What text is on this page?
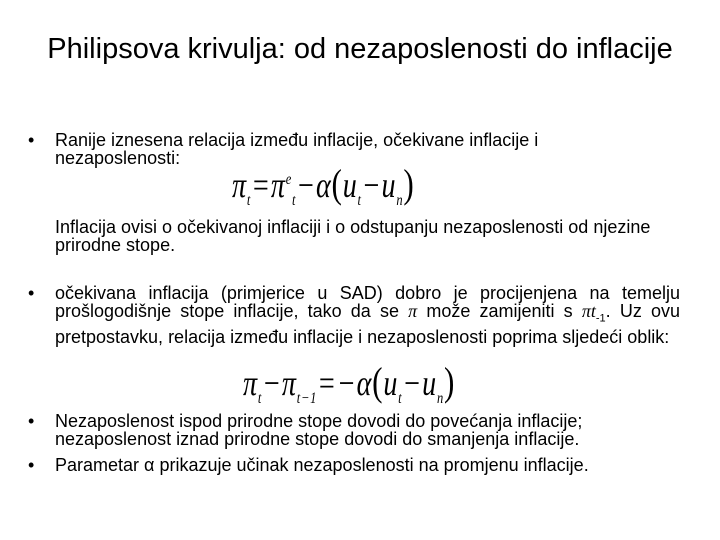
Philipsova krivulja: od nezaposlenosti do inflacije
• Ranije iznesena relacija između inflacije, očekivane inflacije i nezaposlenosti:
$\pi_t=\pi^e_t-\alpha(u_t-u_n)$
Inflacija ovisi o očekivanoj inflaciji i o odstupanju nezaposlenosti od njezine prirodne stope.
• očekivana inflacija (primjerice u SAD) dobro je procijenjena na temelju prošlogodišnje stope inflacije, tako da se π može zamijeniti s $\pi t_{-1}$. Uz ovu pretpostavku, relacija između inflacije i nezaposlenosti poprima sljedeći oblik:
$\pi_t-\pi_{t-1}=-\alpha(u_t-u_n)$
• Nezaposlenost ispod prirodne stope dovodi do povećanja inflacije; nezaposlenost iznad prirodne stope dovodi do smanjenja inflacije.
• Parametar α prikazuje učinak nezaposlenosti na promjenu inflacije.
